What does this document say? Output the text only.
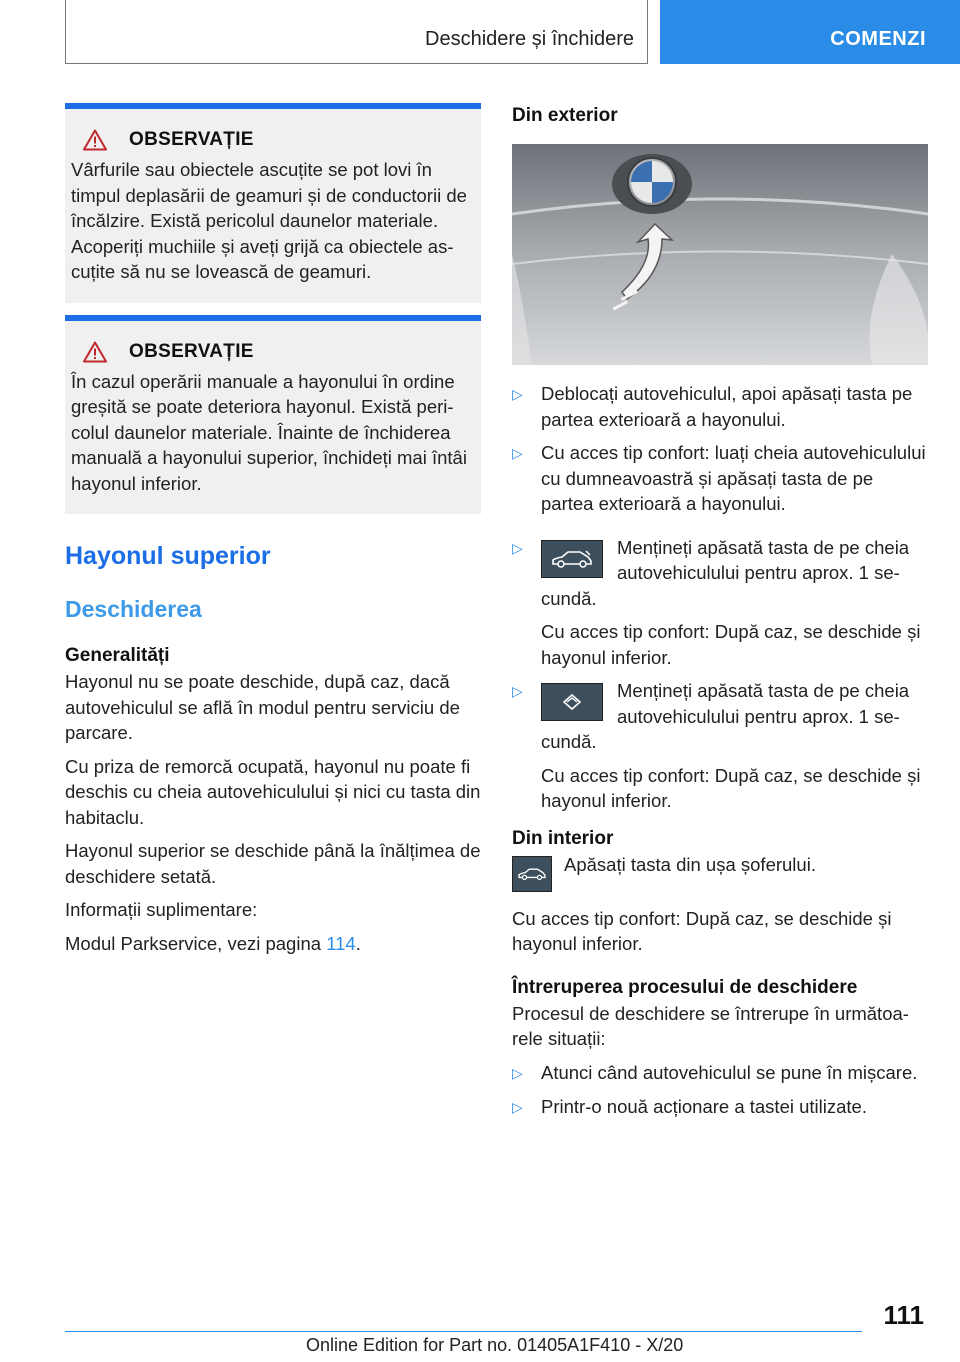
Deschidere și închidere	COMENZI
OBSERVAȚIE
Vârfurile sau obiectele ascuțite se pot lovi în timpul deplasării de geamuri și de conductorii de încălzire. Există pericolul daunelor materiale. Acoperiți muchiile și aveți grijă ca obiectele ascuțite să nu se lovească de geamuri.
OBSERVAȚIE
În cazul operării manuale a hayonului în ordine greșită se poate deteriora hayonul. Există pericolul daunelor materiale. Înainte de închiderea manuală a hayonului superior, închideți mai întâi hayonul inferior.
Hayonul superior
Deschiderea
Generalități

Hayonul nu se poate deschide, după caz, dacă autovehiculul se află în modul pentru serviciu de parcare.

Cu priza de remorcă ocupată, hayonul nu poate fi deschis cu cheia autovehiculului și nici cu tasta din habitaclu.

Hayonul superior se deschide până la înălțimea de deschidere setată.

Informații suplimentare:

Modul Parkservice, vezi pagina 114.

Din exterior
▷ Deblocați autovehiculul, apoi apăsați tasta pe partea exterioară a hayonului.
▷ Cu acces tip confort: luați cheia autovehiculului cu dumneavoastră și apăsați tasta de pe partea exterioară a hayonului.
▷	Mențineți apăsată tasta de pe cheia autovehiculului pentru aprox. 1 secundă.
Cu acces tip confort: După caz, se deschide și hayonul inferior.
▷	Mențineți apăsată tasta de pe cheia autovehiculului pentru aprox. 1 secundă.
Cu acces tip confort: După caz, se deschide și hayonul inferior.
Din interior
Apăsați tasta din ușa șoferului.

Cu acces tip confort: După caz, se deschide și hayonul inferior.

Întreruperea procesului de deschidere

Procesul de deschidere se întrerupe în următoarele situații:

▷ Atunci când autovehiculul se pune în mișcare.
▷ Printr-o nouă acționare a tastei utilizate.
111
Online Edition for Part no. 01405A1F410 - X/20
